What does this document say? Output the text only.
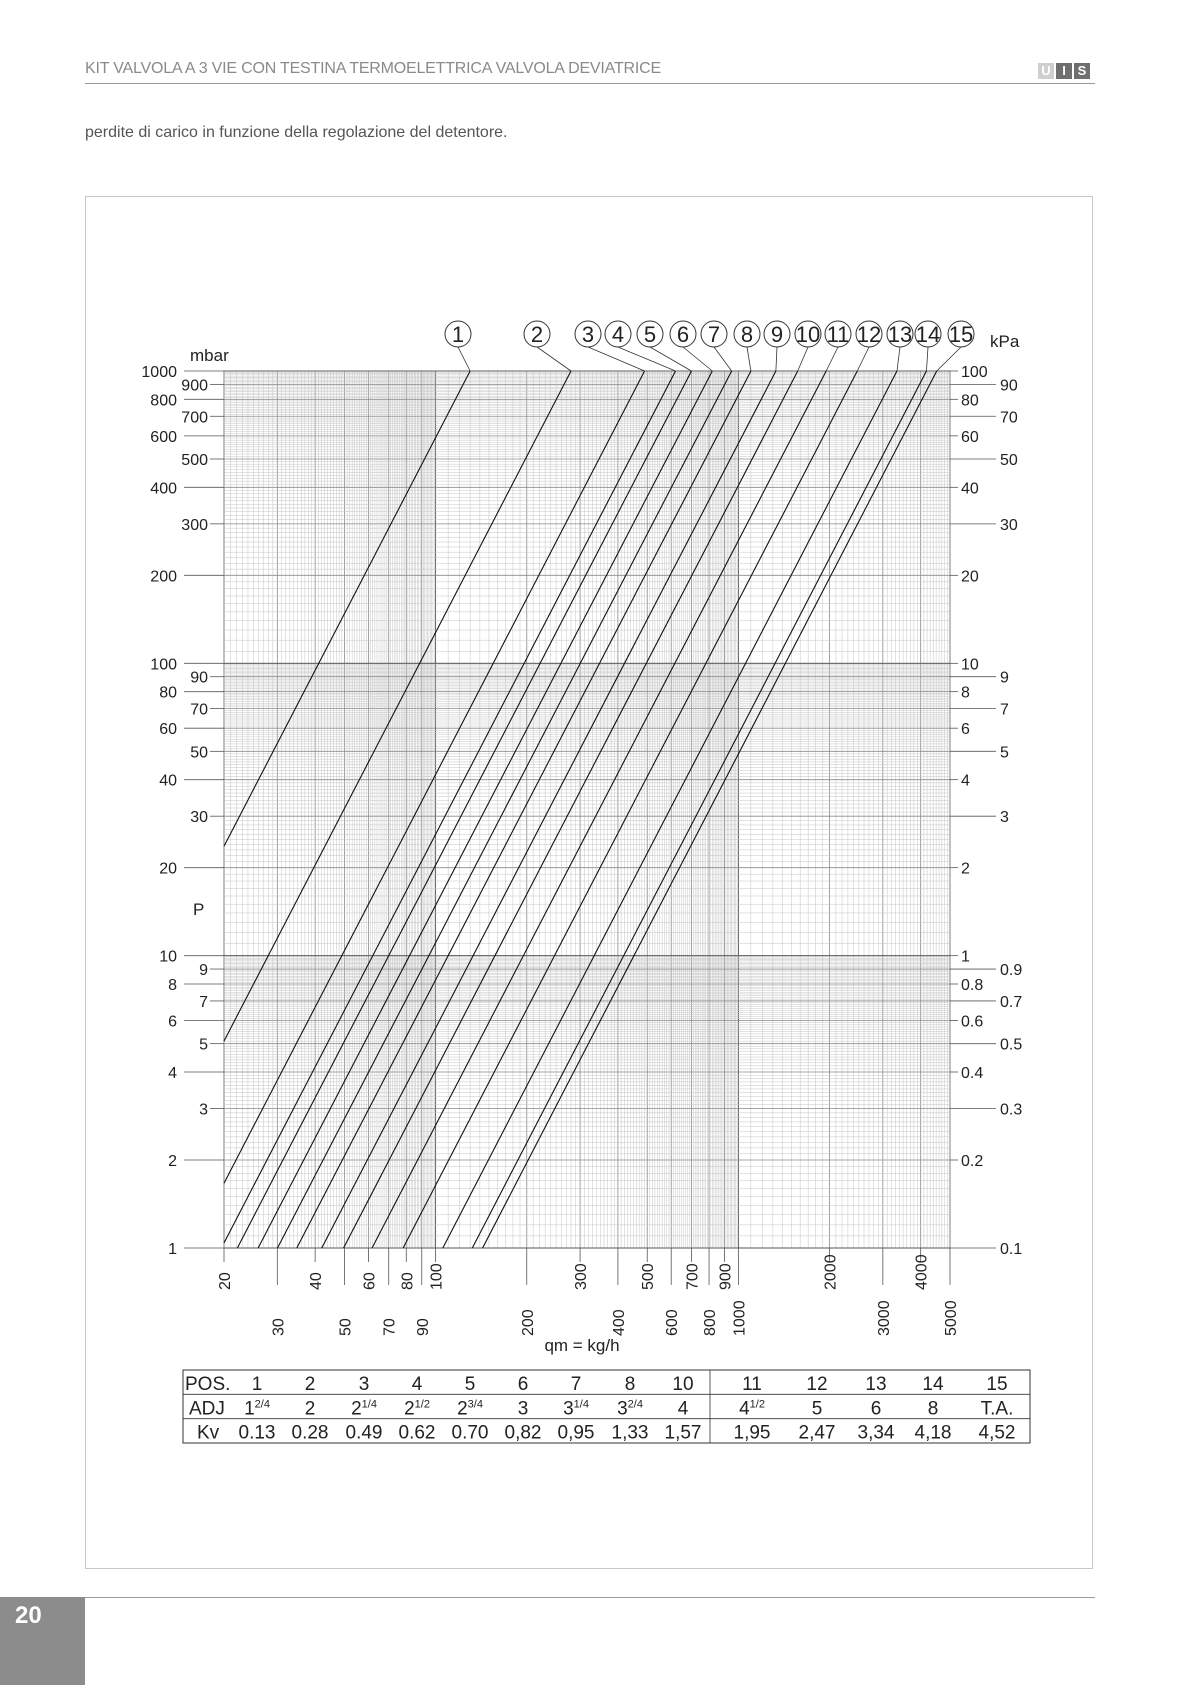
KIT VALVOLA A 3 VIE CON TESTINA TERMOELETTRICA VALVOLA DEVIATRICE	U I S
perdite di carico in funzione della regolazione del detentore.
1	2 3 4 5 6 7 8 9 10 11 12 13 14 15
1
2
3
4
5
6
7
8
9
10
20
30
40
50
60
70
80
90
100
200
300
400
500
600
700
800
900
1000
0.1
0.2
0.3
0.4
0.5
0.6
0.7
0.8
0.9
1
2
3
4
5
6
7
8
9
10
20
30
40
50
60
70
80
90
100
20
30
40
50
60
70
80
90
100
200
300
400
500
600
700
800
900
1000
2000
3000
4000
5000
mbar
kPa
P
qm = kg/h
POS.
ADJ
Kv
1
$1^{2/4}$
0.13
2
2
0.28
3
$2^{1/4}$
0.49
4
$2^{1/2}$
0.62
5
$2^{3/4}$
0.70
6
3
0,82
7
$3^{1/4}$
0,95
8
$3^{2/4}$
1,33
10
4
1,57
11
$4^{1/2}$
1,95
12
5
2,47
13
6
3,34
14
8
4,18
15
T.A.
4,52
20
